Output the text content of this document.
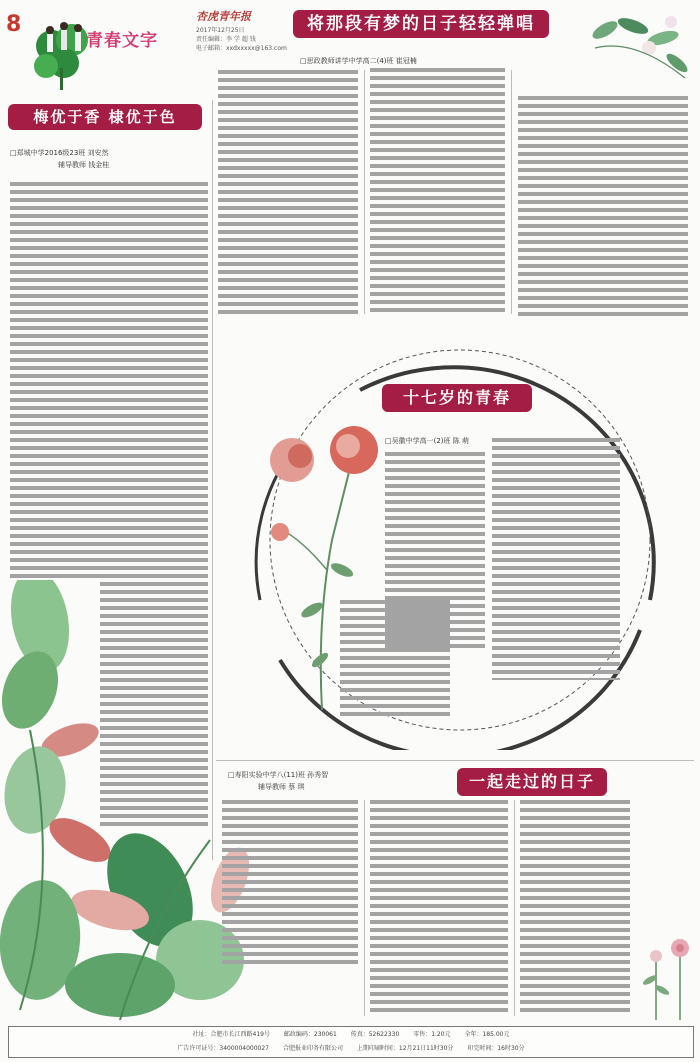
8
青春文字
杏虎青年报
2017年12月25日
责任编辑：李 学 超 钱
电子邮箱：xxdxxxxx@163.com
将那段有梦的日子轻轻弹唱
□思政教师讲学中学高二(4)班 崔冠楠
梅优于香 棣优于色
□郑城中学2016级23班 刘安然
辅导教师 钱金桂
十七岁的青春
□吴徽中学高一(2)班 陈 萌
一起走过的日子
□寿阳实验中学八(11)班 孙秀智
辅导教师 蔡 琪
社址：合肥市长江西路419号 邮政编码：230061 传真：52622330 零售：1.20元 全年：185.00元
广告许可证号：3400004000027 合肥报业印务有限公司 上期印刷时间：12月21日11时30分 印完时间：16时30分
